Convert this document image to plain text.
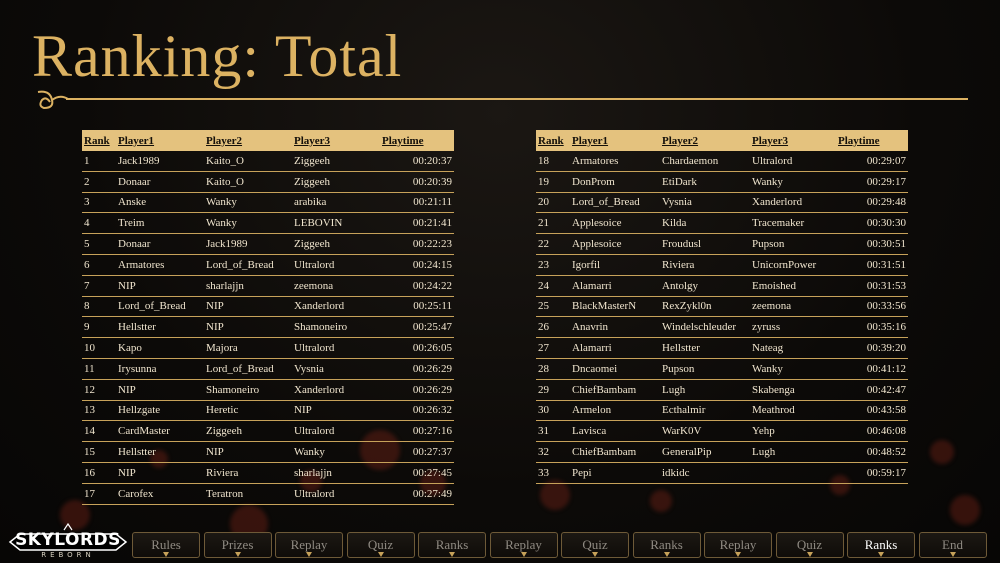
Ranking: Total
Rank	Player1	Player2	Player3	Playtime
1	Jack1989	Kaito_O	Ziggeeh	00:20:37
2	Donaar	Kaito_O	Ziggeeh	00:20:39
3	Anske	Wanky	arabika	00:21:11
4	Treim	Wanky	LEBOVIN	00:21:41
5	Donaar	Jack1989	Ziggeeh	00:22:23
6	Armatores	Lord_of_Bread	Ultralord	00:24:15
7	NIP	sharlajjn	zeemona	00:24:22
8	Lord_of_Bread	NIP	Xanderlord	00:25:11
9	Hellstter	NIP	Shamoneiro	00:25:47
10	Kapo	Majora	Ultralord	00:26:05
11	Irysunna	Lord_of_Bread	Vysnia	00:26:29
12	NIP	Shamoneiro	Xanderlord	00:26:29
13	Hellzgate	Heretic	NIP	00:26:32
14	CardMaster	Ziggeeh	Ultralord	00:27:16
15	Hellstter	NIP	Wanky	00:27:37
16	NIP	Riviera	sharlajjn	00:27:45
17	Carofex	Teratron	Ultralord	00:27:49
Rank	Player1	Player2	Player3	Playtime
18	Armatores	Chardaemon	Ultralord	00:29:07
19	DonProm	EtiDark	Wanky	00:29:17
20	Lord_of_Bread	Vysnia	Xanderlord	00:29:48
21	Applesoice	Kilda	Tracemaker	00:30:30
22	Applesoice	Froudusl	Pupson	00:30:51
23	Igorfil	Riviera	UnicornPower	00:31:51
24	Alamarri	Antolgy	Emoished	00:31:53
25	BlackMasterN	RexZykl0n	zeemona	00:33:56
26	Anavrin	Windelschleuder	zyruss	00:35:16
27	Alamarri	Hellstter	Nateag	00:39:20
28	Dncaomei	Pupson	Wanky	00:41:12
29	ChiefBambam	Lugh	Skabenga	00:42:47
30	Armelon	Ecthalmir	Meathrod	00:43:58
31	Lavisca	WarK0V	Yehp	00:46:08
32	ChiefBambam	GeneralPip	Lugh	00:48:52
33	Pepi	idkidc		00:59:17
SKYLORDS
REBORN
Rules	Prizes	Replay	Quiz	Ranks	Replay	Quiz	Ranks	Replay	Quiz	Ranks	End
